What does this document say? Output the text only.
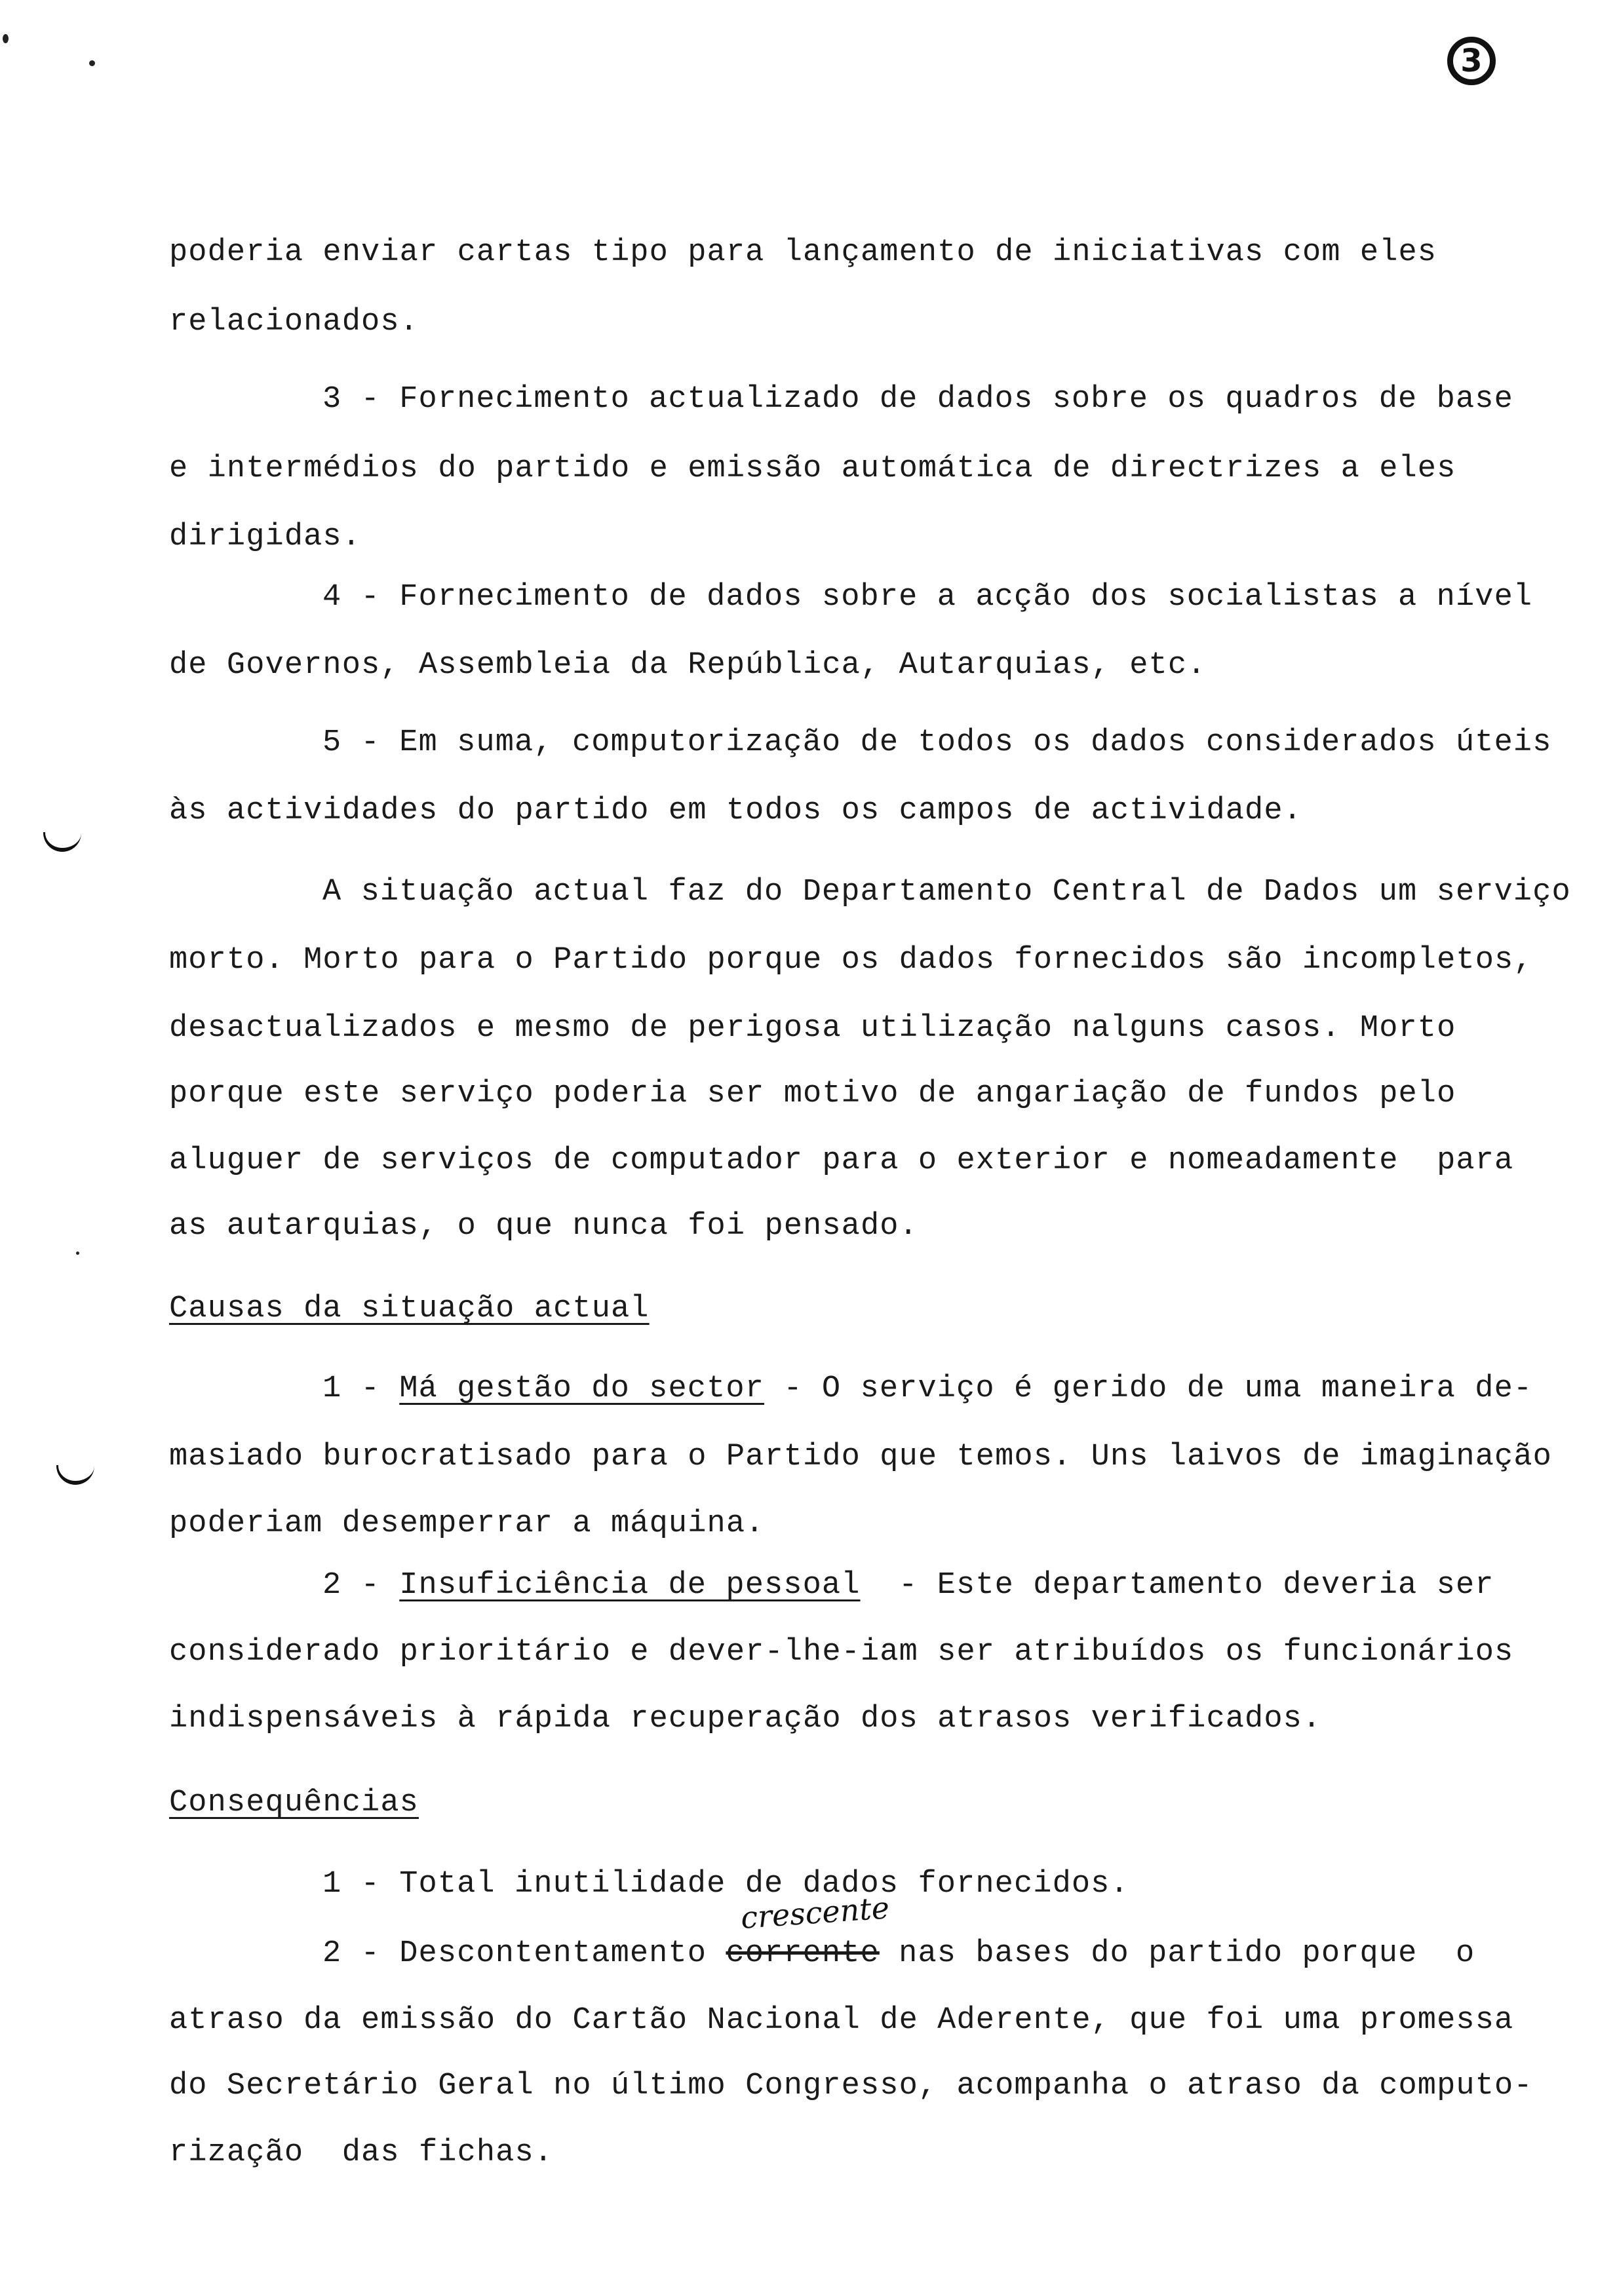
3
poderia enviar cartas tipo para lançamento de iniciativas com eles
relacionados.
3 - Fornecimento actualizado de dados sobre os quadros de base
e intermédios do partido e emissão automática de directrizes a eles
dirigidas.
4 - Fornecimento de dados sobre a acção dos socialistas a nível
de Governos, Assembleia da República, Autarquias, etc.
5 - Em suma, computorização de todos os dados considerados úteis
às actividades do partido em todos os campos de actividade.
A situação actual faz do Departamento Central de Dados um serviço
morto. Morto para o Partido porque os dados fornecidos são incompletos,
desactualizados e mesmo de perigosa utilização nalguns casos. Morto
porque este serviço poderia ser motivo de angariação de fundos pelo
aluguer de serviços de computador para o exterior e nomeadamente  para
as autarquias, o que nunca foi pensado.
Causas da situação actual
1 - Má gestão do sector - O serviço é gerido de uma maneira de-
masiado burocratisado para o Partido que temos. Uns laivos de imaginação
poderiam desemperrar a máquina.
2 - Insuficiência de pessoal  - Este departamento deveria ser
considerado prioritário e dever-lhe-iam ser atribuídos os funcionários
indispensáveis à rápida recuperação dos atrasos verificados.
Consequências
1 - Total inutilidade de dados fornecidos.
crescente
2 - Descontentamento corrente nas bases do partido porque  o
atraso da emissão do Cartão Nacional de Aderente, que foi uma promessa
do Secretário Geral no último Congresso, acompanha o atraso da computo-
rização  das fichas.
